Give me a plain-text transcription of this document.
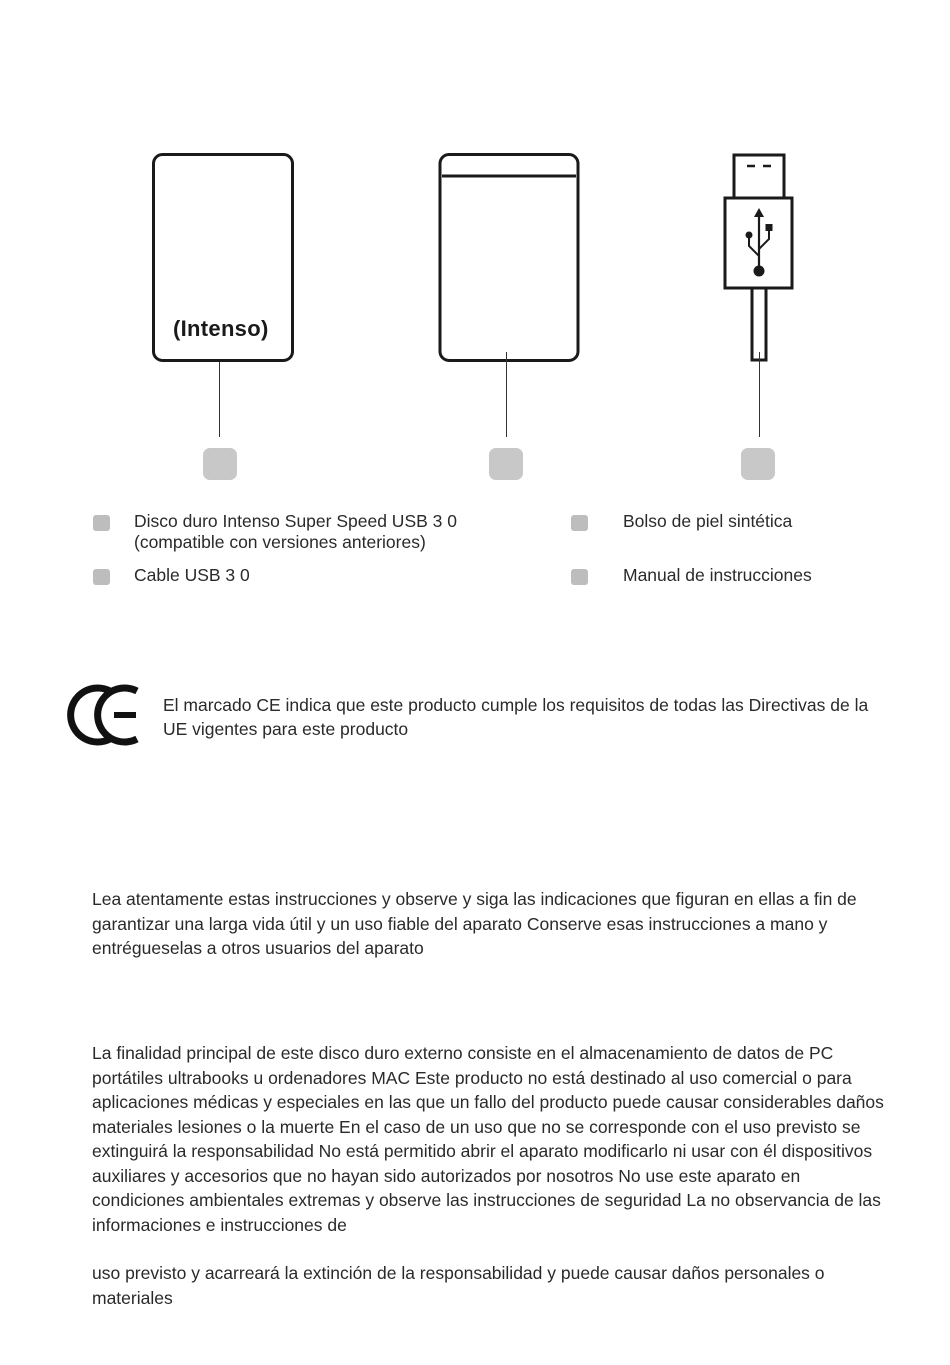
(Intenso)
Disco duro Intenso Super Speed USB 3 0
(compatible con versiones anteriores)
Bolso de piel sintética
Cable USB 3 0	Manual de instrucciones
El marcado CE indica que este producto cumple los requisitos de todas las Directivas de la UE vigentes para este producto
Lea atentamente estas instrucciones y observe y siga las indicaciones que figuran en ellas a fin de garantizar una larga vida útil y un uso fiable del aparato Conserve esas instrucciones a mano y entrégueselas a otros usuarios del aparato
La finalidad principal de este disco duro externo consiste en el almacenamiento de datos de PC portátiles ultrabooks u ordenadores MAC Este producto no está destinado al uso comercial o para aplicaciones médicas y especiales en las que un fallo del producto puede causar considerables daños materiales lesiones o la muerte En el caso de un uso que no se corresponde con el uso previsto se extinguirá la responsabilidad No está permitido abrir el aparato modificarlo ni usar con él dispositivos auxiliares y accesorios que no hayan sido autorizados por nosotros No use este aparato en condiciones ambientales extremas y observe las instrucciones de seguridad La no observancia de las informaciones e instrucciones de
uso previsto y acarreará la extinción de la responsabilidad y puede causar daños personales o materiales
